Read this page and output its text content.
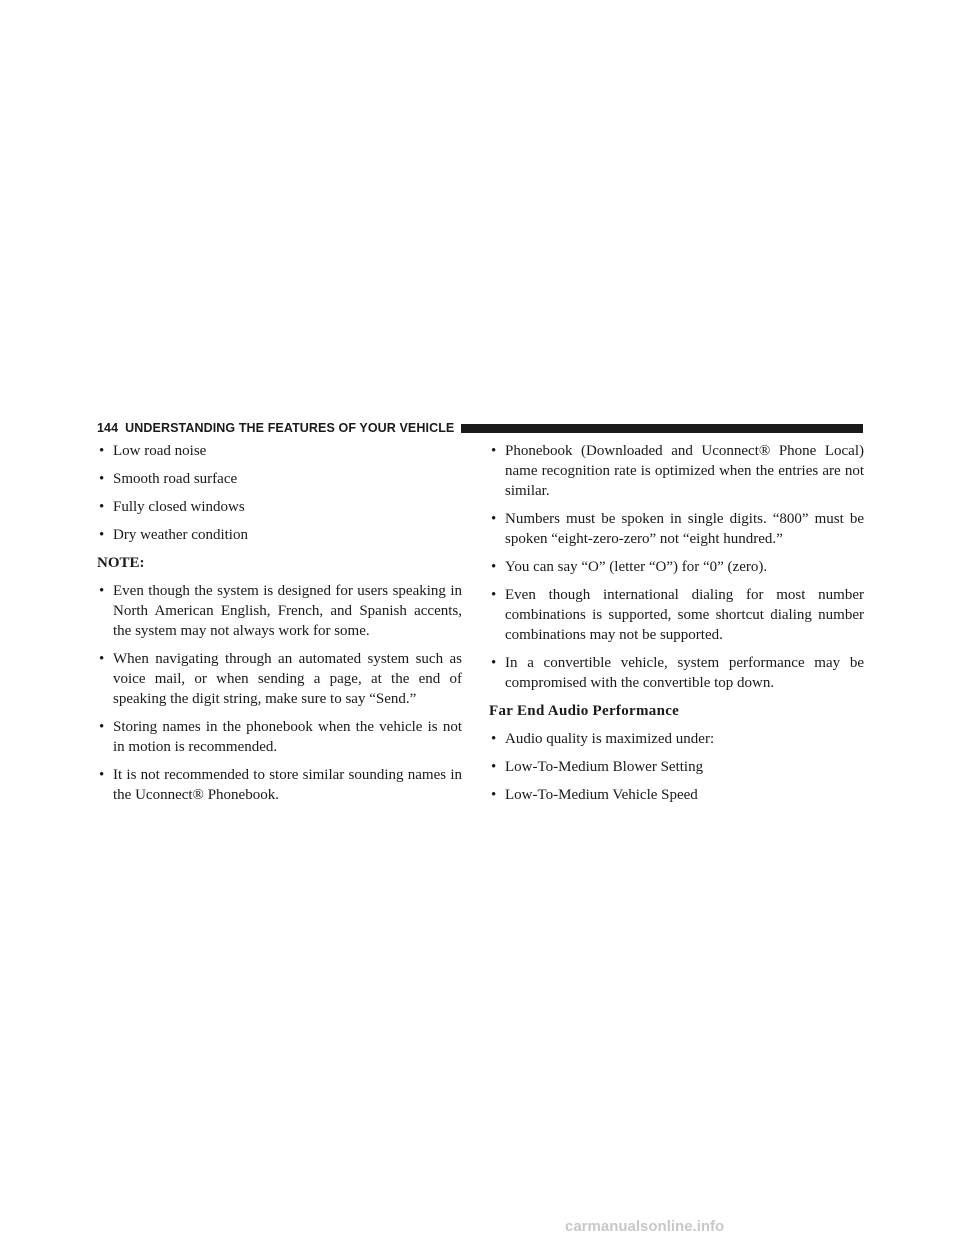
144 UNDERSTANDING THE FEATURES OF YOUR VEHICLE
• Low road noise
• Smooth road surface
• Fully closed windows
• Dry weather condition
NOTE:
• Even though the system is designed for users speaking in North American English, French, and Spanish accents, the system may not always work for some.
• When navigating through an automated system such as voice mail, or when sending a page, at the end of speaking the digit string, make sure to say “Send.”
• Storing names in the phonebook when the vehicle is not in motion is recommended.
• It is not recommended to store similar sounding names in the Uconnect® Phonebook.
• Phonebook (Downloaded and Uconnect® Phone Local) name recognition rate is optimized when the entries are not similar.
• Numbers must be spoken in single digits. “800” must be spoken “eight-zero-zero” not “eight hundred.”
• You can say “O” (letter “O”) for “0” (zero).
• Even though international dialing for most number combinations is supported, some shortcut dialing number combinations may not be supported.
• In a convertible vehicle, system performance may be compromised with the convertible top down.
Far End Audio Performance
• Audio quality is maximized under:
• Low-To-Medium Blower Setting
• Low-To-Medium Vehicle Speed
carmanualsonline.info
